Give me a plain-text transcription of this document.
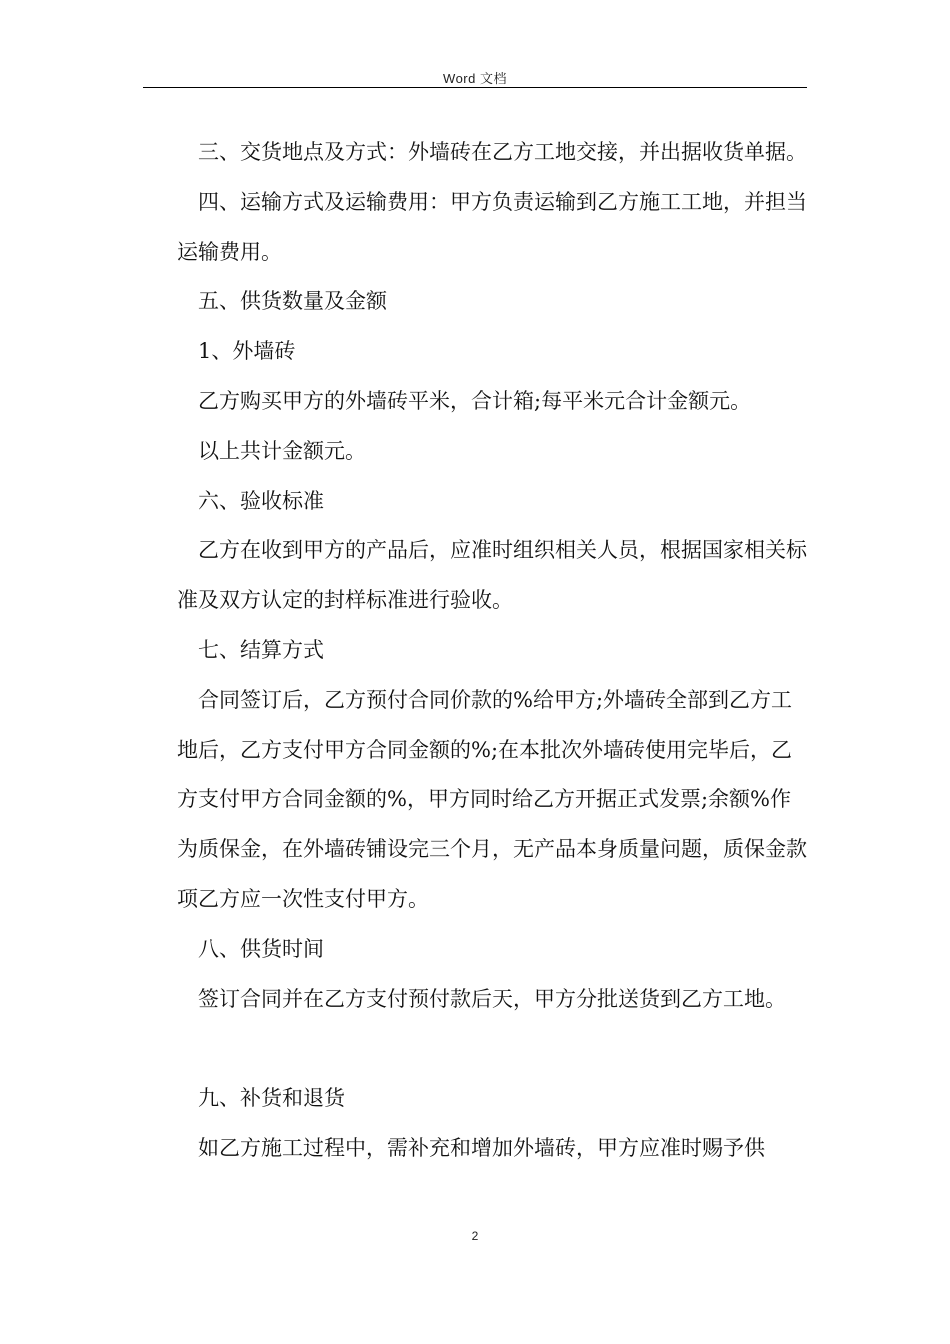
Word 文档

三、交货地点及方式：外墙砖在乙方工地交接，并出据收货单据。

四、运输方式及运输费用：甲方负责运输到乙方施工工地，并担当运输费用。

五、供货数量及金额

1、外墙砖

乙方购买甲方的外墙砖平米，合计箱;每平米元合计金额元。

以上共计金额元。

六、验收标准

乙方在收到甲方的产品后，应准时组织相关人员，根据国家相关标准及双方认定的封样标准进行验收。

七、结算方式

合同签订后，乙方预付合同价款的%给甲方;外墙砖全部到乙方工地后，乙方支付甲方合同金额的%;在本批次外墙砖使用完毕后，乙方支付甲方合同金额的%，甲方同时给乙方开据正式发票;余额%作为质保金，在外墙砖铺设完三个月，无产品本身质量问题，质保金款项乙方应一次性支付甲方。

八、供货时间

签订合同并在乙方支付预付款后天，甲方分批送货到乙方工地。

九、补货和退货

如乙方施工过程中，需补充和增加外墙砖，甲方应准时赐予供

2
